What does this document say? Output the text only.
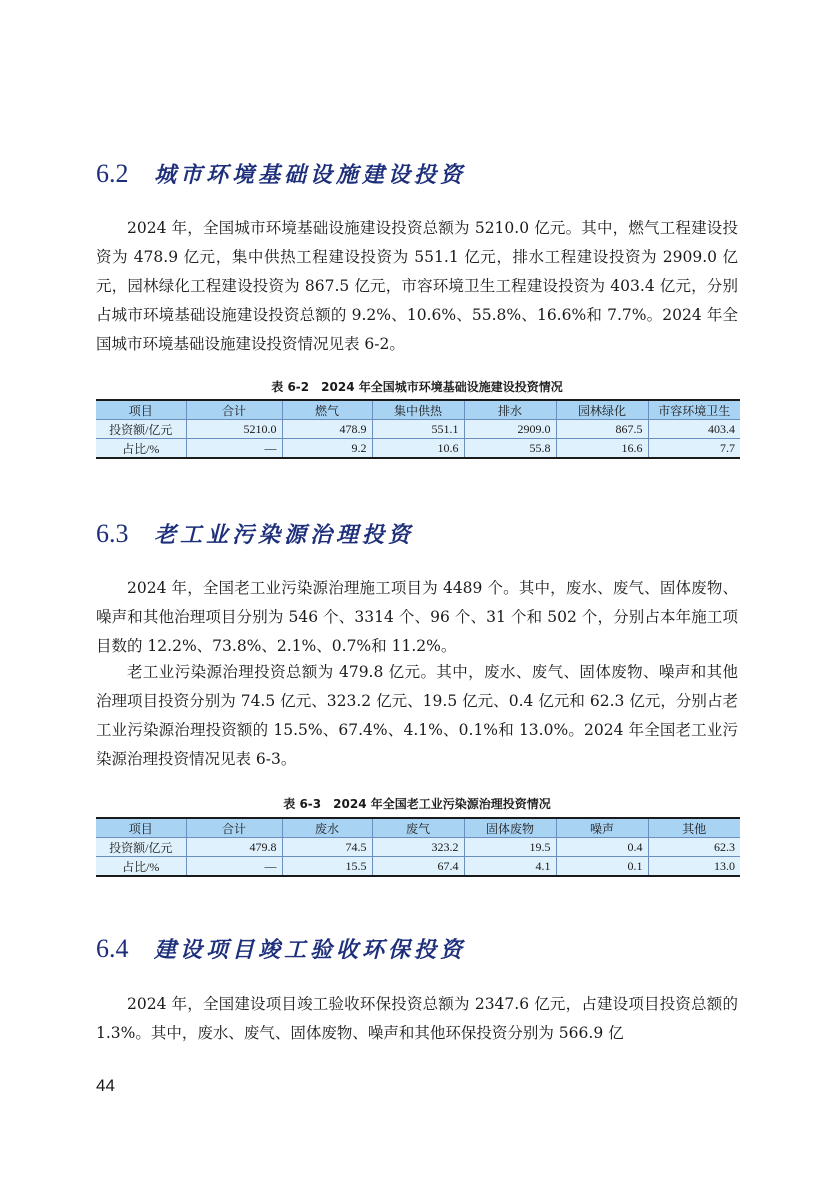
6.2	城市环境基础设施建设投资

2024 年，全国城市环境基础设施建设投资总额为 5210.0 亿元。其中，燃气工程建设投资为 478.9 亿元，集中供热工程建设投资为 551.1 亿元，排水工程建设投资为 2909.0 亿元，园林绿化工程建设投资为 867.5 亿元，市容环境卫生工程建设投资为 403.4 亿元，分别占城市环境基础设施建设投资总额的 9.2%、10.6%、55.8%、16.6%和 7.7%。2024 年全国城市环境基础设施建设投资情况见表 6-2。

表 6-2　2024 年全国城市环境基础设施建设投资情况
项目	合计	燃气	集中供热	排水	园林绿化	市容环境卫生
投资额/亿元	5210.0	478.9	551.1	2909.0	867.5	403.4
占比/%	—	9.2	10.6	55.8	16.6	7.7
6.3	老工业污染源治理投资

2024 年，全国老工业污染源治理施工项目为 4489 个。其中，废水、废气、固体废物、噪声和其他治理项目分别为 546 个、3314 个、96 个、31 个和 502 个，分别占本年施工项目数的 12.2%、73.8%、2.1%、0.7%和 11.2%。

老工业污染源治理投资总额为 479.8 亿元。其中，废水、废气、固体废物、噪声和其他治理项目投资分别为 74.5 亿元、323.2 亿元、19.5 亿元、0.4 亿元和 62.3 亿元，分别占老工业污染源治理投资额的 15.5%、67.4%、4.1%、0.1%和 13.0%。2024 年全国老工业污染源治理投资情况见表 6-3。

表 6-3　2024 年全国老工业污染源治理投资情况
项目	合计	废水	废气	固体废物	噪声	其他
投资额/亿元	479.8	74.5	323.2	19.5	0.4	62.3
占比/%	—	15.5	67.4	4.1	0.1	13.0
6.4	建设项目竣工验收环保投资

2024 年，全国建设项目竣工验收环保投资总额为 2347.6 亿元，占建设项目投资总额的 1.3%。其中，废水、废气、固体废物、噪声和其他环保投资分别为 566.9 亿

44
